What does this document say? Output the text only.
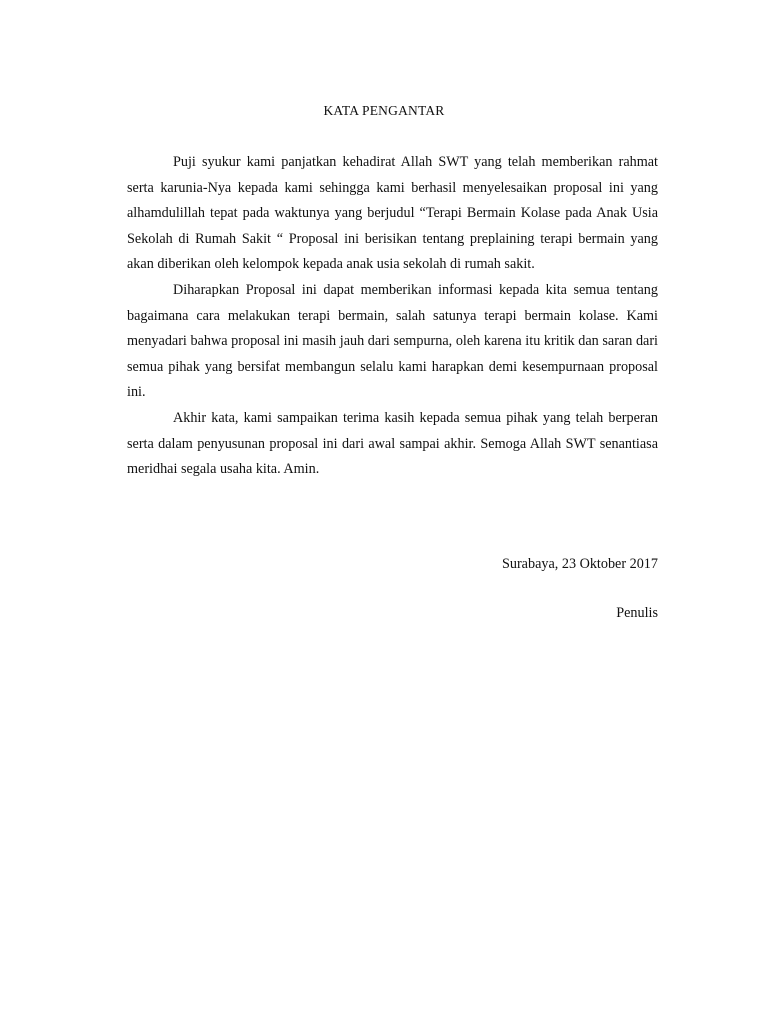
KATA PENGANTAR

Puji syukur kami panjatkan kehadirat Allah SWT yang telah memberikan rahmat serta karunia-Nya kepada kami sehingga kami berhasil menyelesaikan proposal ini yang alhamdulillah tepat pada waktunya yang berjudul “Terapi Bermain Kolase pada Anak Usia Sekolah di Rumah Sakit “ Proposal ini berisikan tentang preplaining terapi bermain yang akan diberikan oleh kelompok kepada anak usia sekolah di rumah sakit.

Diharapkan Proposal ini dapat memberikan informasi kepada kita semua tentang bagaimana cara melakukan terapi bermain, salah satunya terapi bermain kolase. Kami menyadari bahwa proposal ini masih jauh dari sempurna, oleh karena itu kritik dan saran dari semua pihak yang bersifat membangun selalu kami harapkan demi kesempurnaan proposal ini.

Akhir kata, kami sampaikan terima kasih kepada semua pihak yang telah berperan serta dalam penyusunan proposal ini dari awal sampai akhir. Semoga Allah SWT senantiasa meridhai segala usaha kita. Amin.

Surabaya, 23 Oktober 2017

Penulis
